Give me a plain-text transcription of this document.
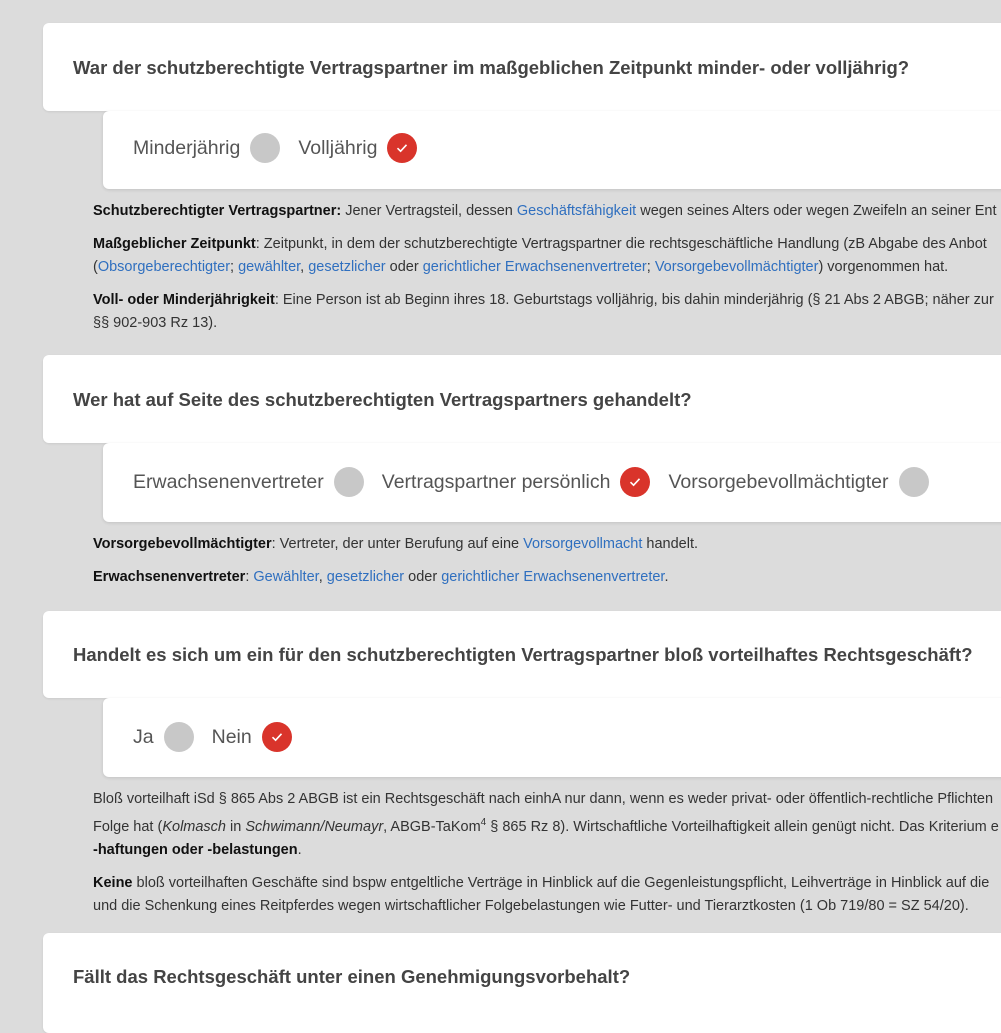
War der schutzberechtigte Vertragspartner im maßgeblichen Zeitpunkt minder- oder volljährig?
Minderjährig	Volljährig

Schutzberechtigter Vertragspartner: Jener Vertragsteil, dessen Geschäftsfähigkeit wegen seines Alters oder wegen Zweifeln an seiner Ent

Maßgeblicher Zeitpunkt: Zeitpunkt, in dem der schutzberechtigte Vertragspartner die rechtsgeschäftliche Handlung (zB Abgabe des Anbot

(Obsorgeberechtigter; gewählter, gesetzlicher oder gerichtlicher Erwachsenenvertreter; Vorsorgebevollmächtigter) vorgenommen hat.

Voll- oder Minderjährigkeit: Eine Person ist ab Beginn ihres 18. Geburtstags volljährig, bis dahin minderjährig (§ 21 Abs 2 ABGB; näher zur

§§ 902-903 Rz 13).

Wer hat auf Seite des schutzberechtigten Vertragspartners gehandelt?
Erwachsenenvertreter	Vertragspartner persönlich	Vorsorgebevollmächtigter

Vorsorgebevollmächtigter: Vertreter, der unter Berufung auf eine Vorsorgevollmacht handelt.

Erwachsenenvertreter: Gewählter, gesetzlicher oder gerichtlicher Erwachsenenvertreter.

Handelt es sich um ein für den schutzberechtigten Vertragspartner bloß vorteilhaftes Rechtsgeschäft?
Ja	Nein

Bloß vorteilhaft iSd § 865 Abs 2 ABGB ist ein Rechtsgeschäft nach einhA nur dann, wenn es weder privat- oder öffentlich-rechtliche Pflichten

Folge hat (Kolmasch in Schwimann/Neumayr, ABGB-TaKom$^4$ § 865 Rz 8). Wirtschaftliche Vorteilhaftigkeit allein genügt nicht. Das Kriterium e

-haftungen oder -belastungen.

Keine bloß vorteilhaften Geschäfte sind bspw entgeltliche Verträge in Hinblick auf die Gegenleistungspflicht, Leihverträge in Hinblick auf die

und die Schenkung eines Reitpferdes wegen wirtschaftlicher Folgebelastungen wie Futter- und Tierarztkosten (1 Ob 719/80 = SZ 54/20).

Fällt das Rechtsgeschäft unter einen Genehmigungsvorbehalt?
